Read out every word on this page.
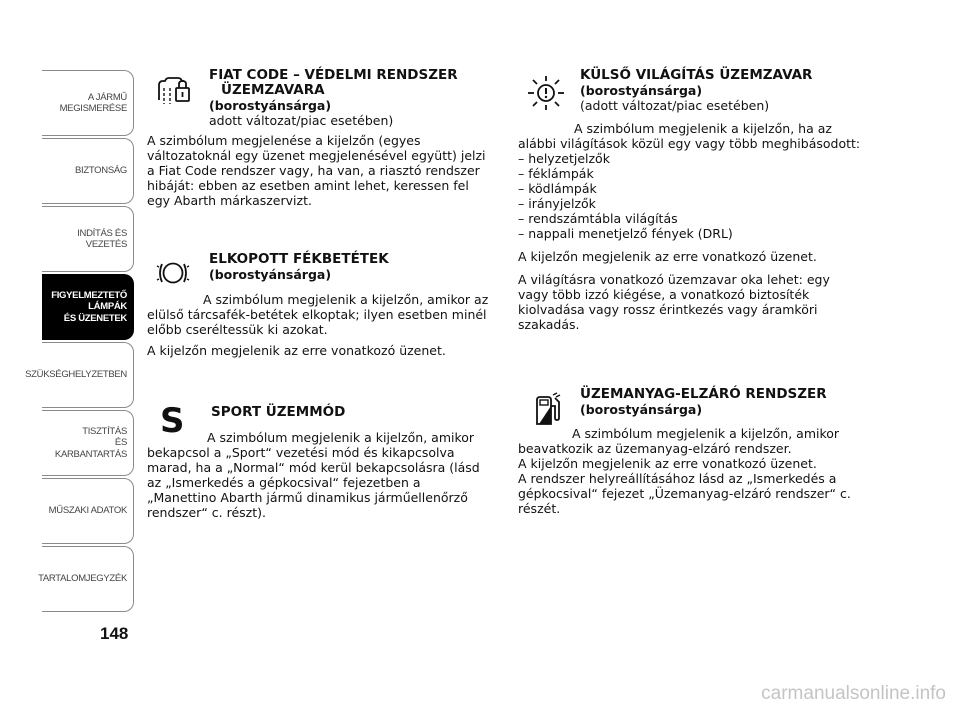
A JÁRMŰ
MEGISMERÉSE
BIZTONSÁG
INDÍTÁS ÉS VEZETÉS
FIGYELMEZTETŐ
LÁMPÁK
ÉS ÜZENETEK
SZÜKSÉGHELYZETBEN
TISZTÍTÁS
ÉS KARBANTARTÁS
MŰSZAKI ADATOK
TARTALOMJEGYZÉK
148
FIAT CODE – VÉDELMI RENDSZER
ÜZEMZAVARA
(borostyánsárga)
adott változat/piac esetében)

A szimbólum megjelenése a kijelzőn (egyes változatoknál egy üzenet megjelenésével együtt) jelzi a Fiat Code rendszer vagy, ha van, a riasztó rendszer hibáját: ebben az esetben amint lehet, keressen fel egy Abarth márkaszervizt.

ELKOPOTT FÉKBETÉTEK
(borostyánsárga)

A szimbólum megjelenik a kijelzőn, amikor az elülső tárcsafék-betétek elkoptak; ilyen esetben minél előbb cseréltessük ki azokat.

A kijelzőn megjelenik az erre vonatkozó üzenet.

S SPORT ÜZEMMÓD

A szimbólum megjelenik a kijelzőn, amikor bekapcsol a „Sport“ vezetési mód és kikapcsolva marad, ha a „Normal“ mód kerül bekapcsolásra (lásd az „Ismerkedés a gépkocsival“ fejezetben a „Manettino Abarth jármű dinamikus járműellenőrző rendszer“ c. részt).

KÜLSŐ VILÁGÍTÁS ÜZEMZAVAR
(borostyánsárga)
(adott változat/piac esetében)

A szimbólum megjelenik a kijelzőn, ha az alábbi világítások közül egy vagy több meghibásodott:

– helyzetjelzők
– féklámpák
– ködlámpák
– irányjelzők
– rendszámtábla világítás
– nappali menetjelző fények (DRL)

A kijelzőn megjelenik az erre vonatkozó üzenet.

A világításra vonatkozó üzemzavar oka lehet: egy vagy több izzó kiégése, a vonatkozó biztosíték kiolvadása vagy rossz érintkezés vagy áramköri szakadás.

ÜZEMANYAG-ELZÁRÓ RENDSZER
(borostyánsárga)
A szimbólum megjelenik a kijelzőn, amikor
beavatkozik az üzemanyag-elzáró rendszer.
A kijelzőn megjelenik az erre vonatkozó üzenet.

A rendszer helyreállításához lásd az „Ismerkedés a gépkocsival“ fejezet „Üzemanyag-elzáró rendszer“ c. részét.

carmanualsonline.info
